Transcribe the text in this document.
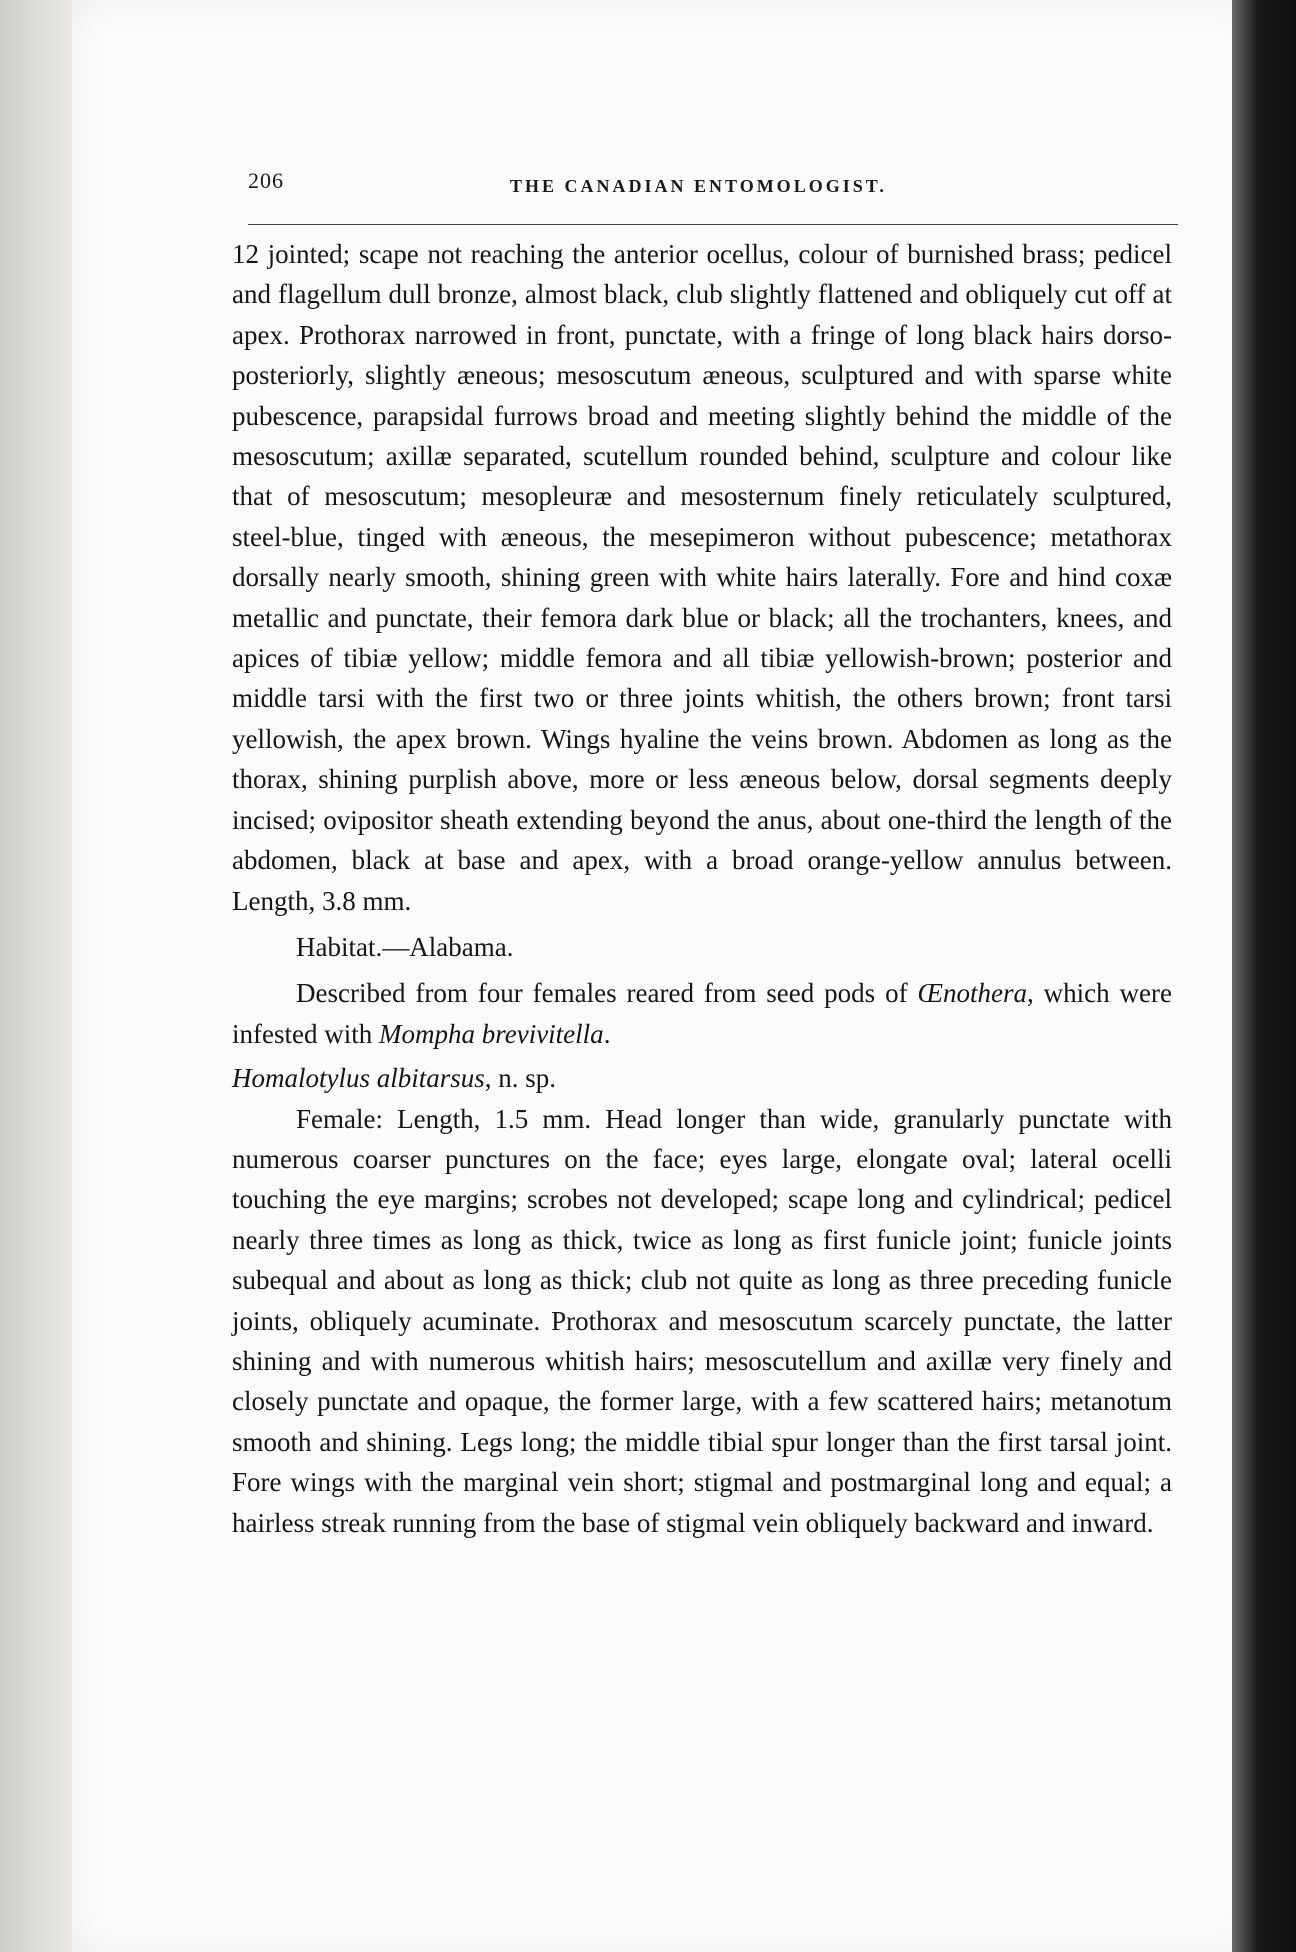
206	THE CANADIAN ENTOMOLOGIST.

12 jointed; scape not reaching the anterior ocellus, colour of burnished brass; pedicel and flagellum dull bronze, almost black, club slightly flattened and obliquely cut off at apex. Prothorax narrowed in front, punctate, with a fringe of long black hairs dorso-posteriorly, slightly æneous; mesoscutum æneous, sculptured and with sparse white pubescence, parapsidal furrows broad and meeting slightly behind the middle of the mesoscutum; axillæ separated, scutellum rounded behind, sculpture and colour like that of mesoscutum; mesopleuræ and mesosternum finely reticulately sculptured, steel-blue, tinged with æneous, the mesepimeron without pubescence; metathorax dorsally nearly smooth, shining green with white hairs laterally. Fore and hind coxæ metallic and punctate, their femora dark blue or black; all the trochanters, knees, and apices of tibiæ yellow; middle femora and all tibiæ yellowish-brown; posterior and middle tarsi with the first two or three joints whitish, the others brown; front tarsi yellowish, the apex brown. Wings hyaline the veins brown. Abdomen as long as the thorax, shining purplish above, more or less æneous below, dorsal segments deeply incised; ovipositor sheath extending beyond the anus, about one-third the length of the abdomen, black at base and apex, with a broad orange-yellow annulus between. Length, 3.8 mm.

Habitat.—Alabama.

Described from four females reared from seed pods of Œnothera, which were infested with Mompha brevivitella.

Homalotylus albitarsus, n. sp.

Female: Length, 1.5 mm. Head longer than wide, granularly punctate with numerous coarser punctures on the face; eyes large, elongate oval; lateral ocelli touching the eye margins; scrobes not developed; scape long and cylindrical; pedicel nearly three times as long as thick, twice as long as first funicle joint; funicle joints subequal and about as long as thick; club not quite as long as three preceding funicle joints, obliquely acuminate. Prothorax and mesoscutum scarcely punctate, the latter shining and with numerous whitish hairs; mesoscutellum and axillæ very finely and closely punctate and opaque, the former large, with a few scattered hairs; metanotum smooth and shining. Legs long; the middle tibial spur longer than the first tarsal joint. Fore wings with the marginal vein short; stigmal and postmarginal long and equal; a hairless streak running from the base of stigmal vein obliquely backward and inward.
